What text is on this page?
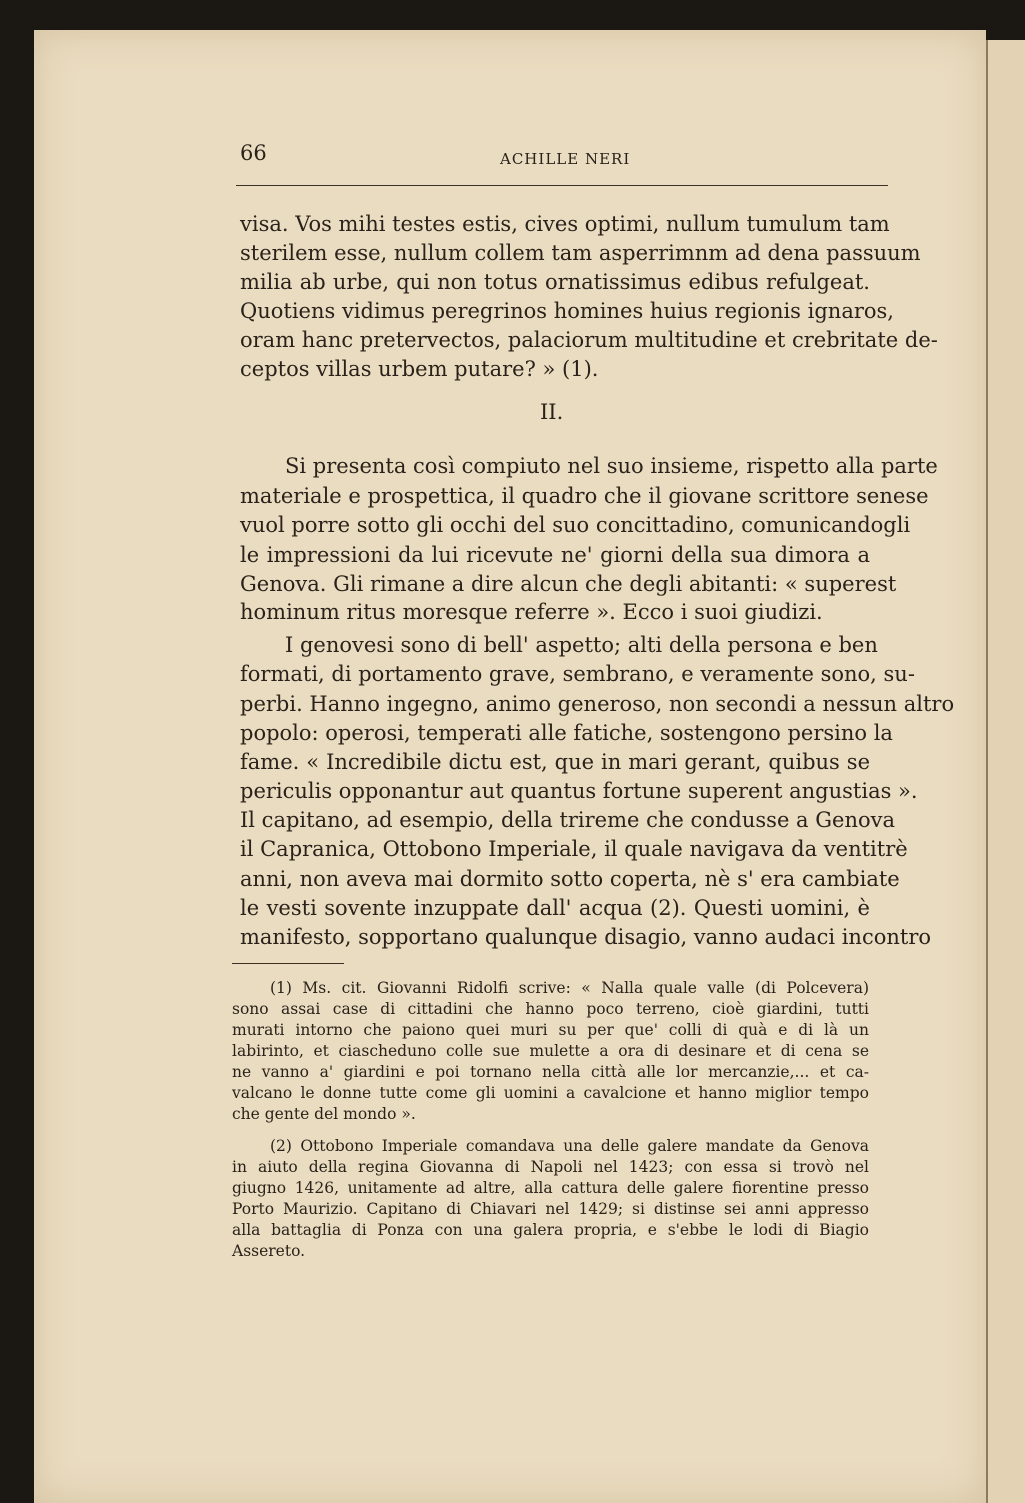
66	ACHILLE NERI
visa. Vos mihi testes estis, cives optimi, nullum tumulum tam
sterilem esse, nullum collem tam asperrimnm ad dena passuum
milia ab urbe, qui non totus ornatissimus edibus refulgeat.
Quotiens vidimus peregrinos homines huius regionis ignaros,
oram hanc pretervectos, palaciorum multitudine et crebritate de-
ceptos villas urbem putare? » (1).
II.
Si presenta così compiuto nel suo insieme, rispetto alla parte
materiale e prospettica, il quadro che il giovane scrittore senese
vuol porre sotto gli occhi del suo concittadino, comunicandogli
le impressioni da lui ricevute ne' giorni della sua dimora a
Genova. Gli rimane a dire alcun che degli abitanti: « superest
hominum ritus moresque referre ». Ecco i suoi giudizi.
I genovesi sono di bell' aspetto; alti della persona e ben
formati, di portamento grave, sembrano, e veramente sono, su-
perbi. Hanno ingegno, animo generoso, non secondi a nessun altro
popolo: operosi, temperati alle fatiche, sostengono persino la
fame. « Incredibile dictu est, que in mari gerant, quibus se
periculis opponantur aut quantus fortune superent angustias ».
Il capitano, ad esempio, della trireme che condusse a Genova
il Capranica, Ottobono Imperiale, il quale navigava da ventitrè
anni, non aveva mai dormito sotto coperta, nè s' era cambiate
le vesti sovente inzuppate dall' acqua (2). Questi uomini, è
manifesto, sopportano qualunque disagio, vanno audaci incontro
(1) Ms. cit. Giovanni Ridolfi scrive: « Nalla quale valle (di Polcevera)
sono assai case di cittadini che hanno poco terreno, cioè giardini, tutti
murati intorno che paiono quei muri su per que' colli di quà e di là un
labirinto, et ciascheduno colle sue mulette a ora di desinare et di cena se
ne vanno a' giardini e poi tornano nella città alle lor mercanzie,... et ca-
valcano le donne tutte come gli uomini a cavalcione et hanno miglior tempo
che gente del mondo ».
(2) Ottobono Imperiale comandava una delle galere mandate da Genova
in aiuto della regina Giovanna di Napoli nel 1423; con essa si trovò nel
giugno 1426, unitamente ad altre, alla cattura delle galere fiorentine presso
Porto Maurizio. Capitano di Chiavari nel 1429; si distinse sei anni appresso
alla battaglia di Ponza con una galera propria, e s'ebbe le lodi di Biagio
Assereto.
